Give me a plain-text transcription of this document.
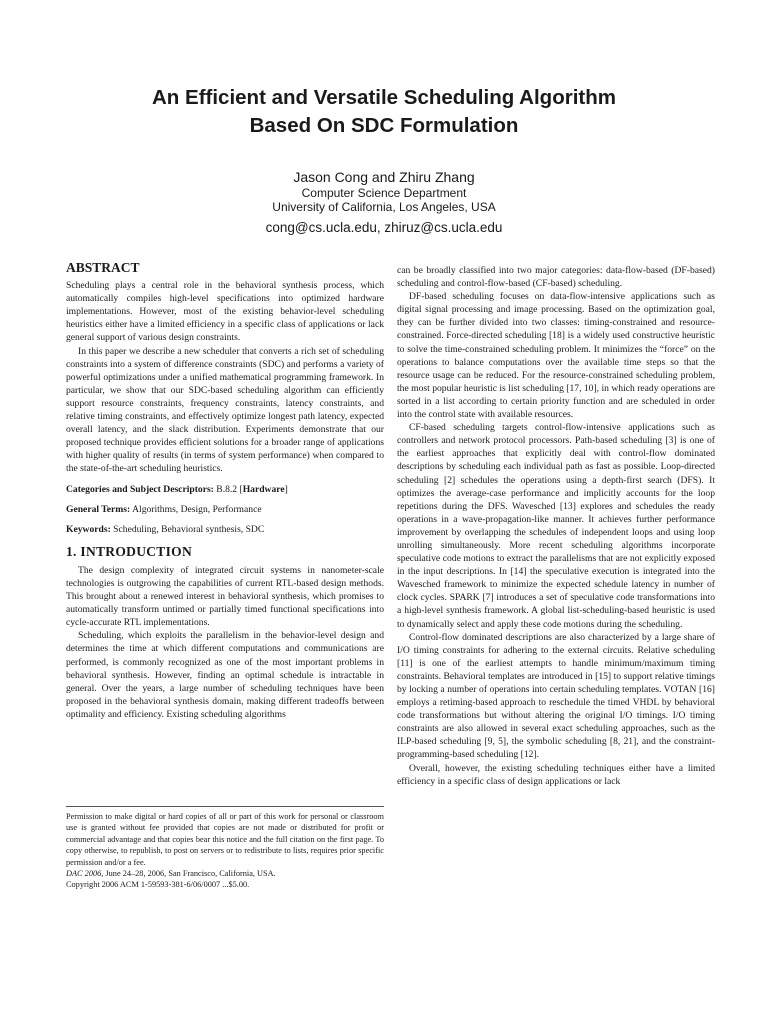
An Efficient and Versatile Scheduling Algorithm
Based On SDC Formulation
Jason Cong and Zhiru Zhang
Computer Science Department
University of California, Los Angeles, USA
cong@cs.ucla.edu, zhiruz@cs.ucla.edu
ABSTRACT

Scheduling plays a central role in the behavioral synthesis process, which automatically compiles high-level specifications into optimized hardware implementations. However, most of the existing behavior-level scheduling heuristics either have a limited efficiency in a specific class of applications or lack general support of various design constraints.

In this paper we describe a new scheduler that converts a rich set of scheduling constraints into a system of difference constraints (SDC) and performs a variety of powerful optimizations under a unified mathematical programming framework. In particular, we show that our SDC-based scheduling algorithm can efficiently support resource constraints, frequency constraints, latency constraints, and relative timing constraints, and effectively optimize longest path latency, expected overall latency, and the slack distribution. Experiments demonstrate that our proposed technique provides efficient solutions for a broader range of applications with higher quality of results (in terms of system performance) when compared to the state-of-the-art scheduling heuristics.

Categories and Subject Descriptors: B.8.2 [Hardware]

General Terms: Algorithms, Design, Performance

Keywords: Scheduling, Behavioral synthesis, SDC

1. INTRODUCTION

The design complexity of integrated circuit systems in nanometer-scale technologies is outgrowing the capabilities of current RTL-based design methods. This brought about a renewed interest in behavioral synthesis, which promises to automatically transform untimed or partially timed functional specifications into cycle-accurate RTL implementations.

Scheduling, which exploits the parallelism in the behavior-level design and determines the time at which different computations and communications are performed, is commonly recognized as one of the most important problems in behavioral synthesis. However, finding an optimal schedule is intractable in general. Over the years, a large number of scheduling techniques have been proposed in the behavioral synthesis domain, making different tradeoffs between optimality and efficiency. Existing scheduling algorithms

Permission to make digital or hard copies of all or part of this work for personal or classroom use is granted without fee provided that copies are not made or distributed for profit or commercial advantage and that copies bear this notice and the full citation on the first page. To copy otherwise, to republish, to post on servers or to redistribute to lists, requires prior specific permission and/or a fee.

DAC 2006, June 24–28, 2006, San Francisco, California, USA.

Copyright 2006 ACM 1-59593-381-6/06/0007 ...$5.00.

can be broadly classified into two major categories: data-flow-based (DF-based) scheduling and control-flow-based (CF-based) scheduling.

DF-based scheduling focuses on data-flow-intensive applications such as digital signal processing and image processing. Based on the optimization goal, they can be further divided into two classes: timing-constrained and resource-constrained. Force-directed scheduling [18] is a widely used constructive heuristic to solve the time-constrained scheduling problem. It minimizes the “force” on the operations to balance computations over the available time steps so that the resource usage can be reduced. For the resource-constrained scheduling problem, the most popular heuristic is list scheduling [17, 10], in which ready operations are sorted in a list according to certain priority function and are scheduled in order into the control state with available resources.

CF-based scheduling targets control-flow-intensive applications such as controllers and network protocol processors. Path-based scheduling [3] is one of the earliest approaches that explicitly deal with control-flow dominated descriptions by scheduling each individual path as fast as possible. Loop-directed scheduling [2] schedules the operations using a depth-first search (DFS). It optimizes the average-case performance and implicitly accounts for the loop repetitions during the DFS. Wavesched [13] explores and schedules the ready operations in a wave-propagation-like manner. It achieves further performance improvement by overlapping the schedules of independent loops and using loop unrolling simultaneously. More recent scheduling algorithms incorporate speculative code motions to extract the parallelisms that are not explicitly exposed in the input descriptions. In [14] the speculative execution is integrated into the Wavesched framework to minimize the expected schedule latency in number of clock cycles. SPARK [7] introduces a set of speculative code transformations into a high-level synthesis framework. A global list-scheduling-based heuristic is used to dynamically select and apply these code motions during the scheduling.

Control-flow dominated descriptions are also characterized by a large share of I/O timing constraints for adhering to the external circuits. Relative scheduling [11] is one of the earliest attempts to handle minimum/maximum timing constraints. Behavioral templates are introduced in [15] to support relative timings by locking a number of operations into certain scheduling templates. VOTAN [16] employs a retiming-based approach to reschedule the timed VHDL by behavioral code transformations but without altering the original I/O timings. I/O timing constraints are also allowed in several exact scheduling approaches, such as the ILP-based scheduling [9, 5], the symbolic scheduling [8, 21], and the constraint-programming-based scheduling [12].

Overall, however, the existing scheduling techniques either have a limited efficiency in a specific class of design applications or lack
